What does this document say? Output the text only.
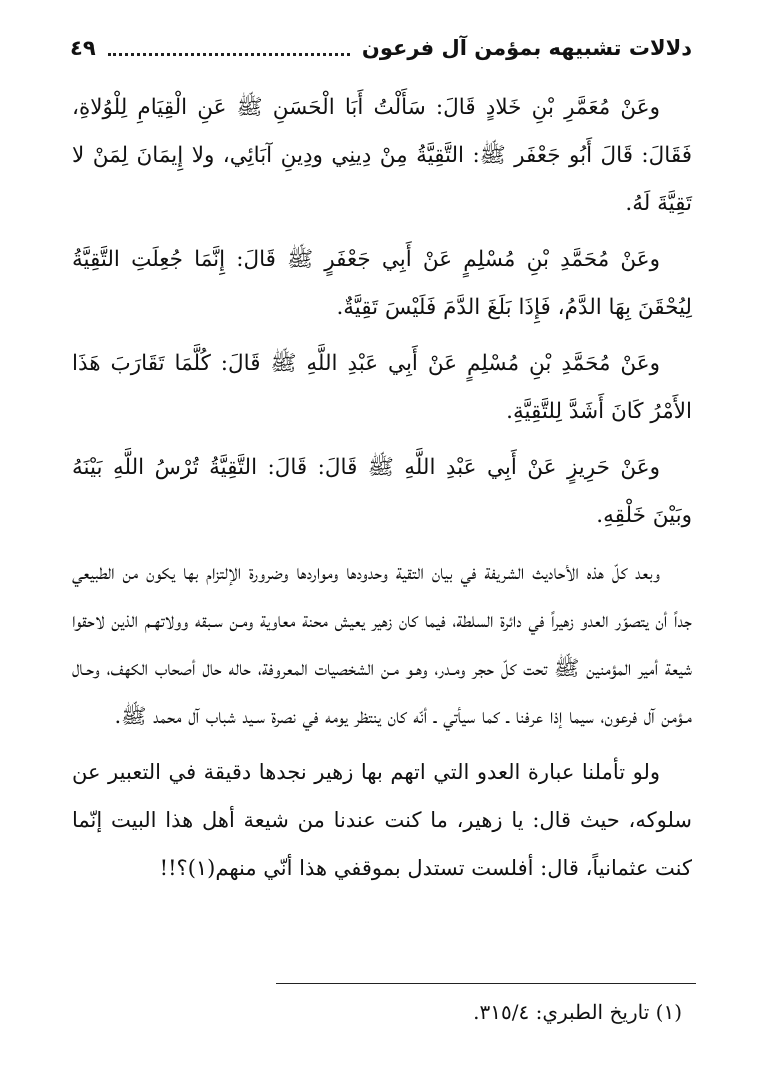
دلالات تشبيهه بمؤمن آل فرعون
٤٩

وعَنْ مُعَمَّرِ بْنِ خَلادٍ قَالَ: سَأَلْتُ أَبَا الْحَسَنِ ﷺ عَنِ الْقِيَامِ لِلْوُلاةِ، فَقَالَ: قَالَ أَبُو جَعْفَر ﷺ: التَّقِيَّةُ مِنْ دِينِي ودِينِ آبَائِي، ولا إِيمَانَ لِمَنْ لا تَقِيَّةَ لَهُ.

وعَنْ مُحَمَّدِ بْنِ مُسْلِمٍ عَنْ أَبِي جَعْفَرٍ ﷺ قَالَ: إِنَّمَا جُعِلَتِ التَّقِيَّةُ لِيُحْقَنَ بِهَا الدَّمُ، فَإِذَا بَلَغَ الدَّمَ فَلَيْسَ تَقِيَّةٌ.

وعَنْ مُحَمَّدِ بْنِ مُسْلِمٍ عَنْ أَبِي عَبْدِ اللَّهِ ﷺ قَالَ: كُلَّمَا تَقَارَبَ هَذَا الأَمْرُ كَانَ أَشَدَّ لِلتَّقِيَّةِ.

وعَنْ حَرِيزٍ عَنْ أَبِي عَبْدِ اللَّهِ ﷺ قَالَ: قَالَ: التَّقِيَّةُ تُرْسُ اللَّهِ بَيْنَهُ وبَيْنَ خَلْقِهِ.

وبعد كلّ هذه الأحاديث الشريفة في بيان التقية وحدودها ومواردها وضرورة الإلتزام بها يكون من الطبيعي جداً أن يتصوّر العدو زهيراً في دائرة السلطة، فيما كان زهير يعيش محنة معاوية ومـن سـبقه وولاتهـم الذين لاحقوا شيعة أمير المؤمنين ﷺ تحت كلّ حجر ومـدر، وهـو مـن الشخصيات المعروفة، حاله حال أصحاب الكهف، وحـال مـؤمن آل فرعون، سيما إذا عرفنا ـ كما سيأتي ـ أنّه كان ينتظر يومه في نصرة سـيد شباب آل محمد ﷺ.

ولو تأملنا عبارة العدو التي اتهم بها زهير نجدها دقيقة في التعبير عن سلوكه، حيث قال: يا زهير، ما كنت عندنا من شيعة أهل هذا البيت إنّما كنت عثمانياً، قال: أفلست تستدل بموقفي هذا أنّي منهم(١)؟!!

(١) تاريخ الطبري: ٣١٥/٤.
